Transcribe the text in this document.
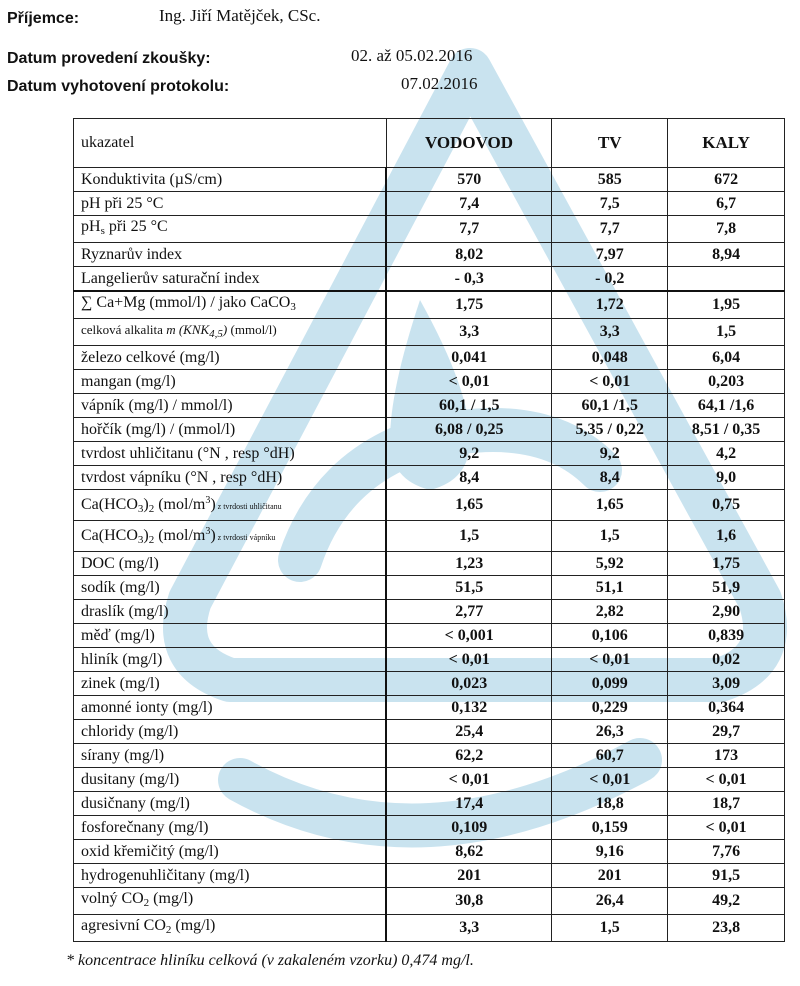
Příjemce:	Ing. Jiří Matějček, CSc.
Datum provedení zkoušky:	02. až 05.02.2016
Datum vyhotovení protokolu:	07.02.2016
ukazatel	VODOVOD	TV	KALY
Konduktivita (µS/cm)	570	585	672
pH při 25 °C	7,4	7,5	6,7
$pH_s$ při 25 °C	7,7	7,7	7,8
Ryznarův index	8,02	7,97	8,94
Langelierův saturační index	- 0,3	- 0,2	
∑ Ca+Mg (mmol/l) / jako CaCO$_3$	1,75	1,72	1,95
celková alkalita m $(KNK_{4,5})$ (mmol/l)	3,3	3,3	1,5
železo celkové (mg/l)	0,041	0,048	6,04
mangan (mg/l)	< 0,01	< 0,01	0,203
vápník (mg/l) / mmol/l)	60,1 / 1,5	60,1 /1,5	64,1 /1,6
hořčík (mg/l) / (mmol/l)	6,08 / 0,25	5,35 / 0,22	8,51 / 0,35
tvrdost uhličitanu (°N , resp °dH)	9,2	9,2	4,2
tvrdost vápníku (°N , resp °dH)	8,4	8,4	9,0
$Ca(HCO_3)_2$ $(mol/m^3)$ z tvrdosti uhličitanu	1,65	1,65	0,75
$Ca(HCO_3)_2$ $(mol/m^3)$ z tvrdosti vápníku	1,5	1,5	1,6
DOC (mg/l)	1,23	5,92	1,75
sodík (mg/l)	51,5	51,1	51,9
draslík (mg/l)	2,77	2,82	2,90
měď (mg/l)	< 0,001	0,106	0,839
hliník (mg/l)	< 0,01	< 0,01	0,02
zinek (mg/l)	0,023	0,099	3,09
amonné ionty (mg/l)	0,132	0,229	0,364
chloridy (mg/l)	25,4	26,3	29,7
sírany (mg/l)	62,2	60,7	173
dusitany (mg/l)	< 0,01	< 0,01	< 0,01
dusičnany (mg/l)	17,4	18,8	18,7
fosforečnany (mg/l)	0,109	0,159	< 0,01
oxid křemičitý (mg/l)	8,62	9,16	7,76
hydrogenuhličitany (mg/l)	201	201	91,5
volný $CO_2$ (mg/l)	30,8	26,4	49,2
agresivní $CO_2$ (mg/l)	3,3	1,5	23,8
* koncentrace hliníku celková (v zakaleném vzorku) 0,474 mg/l.
